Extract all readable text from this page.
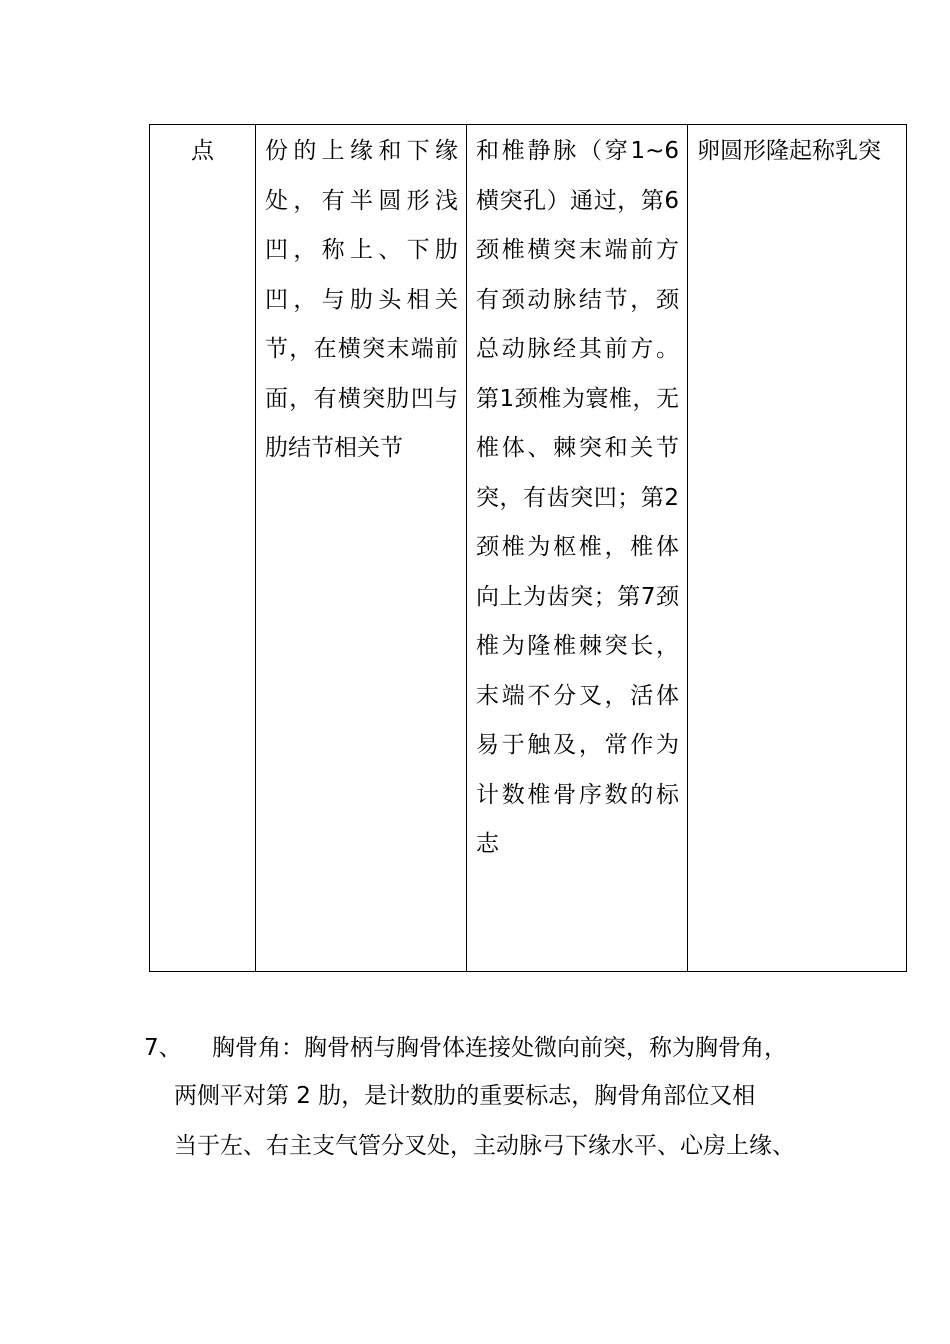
点	份的上缘和下缘处，有半圆形浅凹，称上、下肋凹，与肋头相关节，在横突末端前面，有横突肋凹与肋结节相关节	和椎静脉（穿1~6横突孔）通过，第6颈椎横突末端前方有颈动脉结节，颈总动脉经其前方。第1颈椎为寰椎，无椎体、棘突和关节突，有齿突凹；第2颈椎为枢椎，椎体向上为齿突；第7颈椎为隆椎棘突长，末端不分叉，活体易于触及，常作为计数椎骨序数的标志	卵圆形隆起称乳突
7、 胸骨角：胸骨柄与胸骨体连接处微向前突，称为胸骨角，
两侧平对第 2 肋，是计数肋的重要标志，胸骨角部位又相
当于左、右主支气管分叉处，主动脉弓下缘水平、心房上缘、
